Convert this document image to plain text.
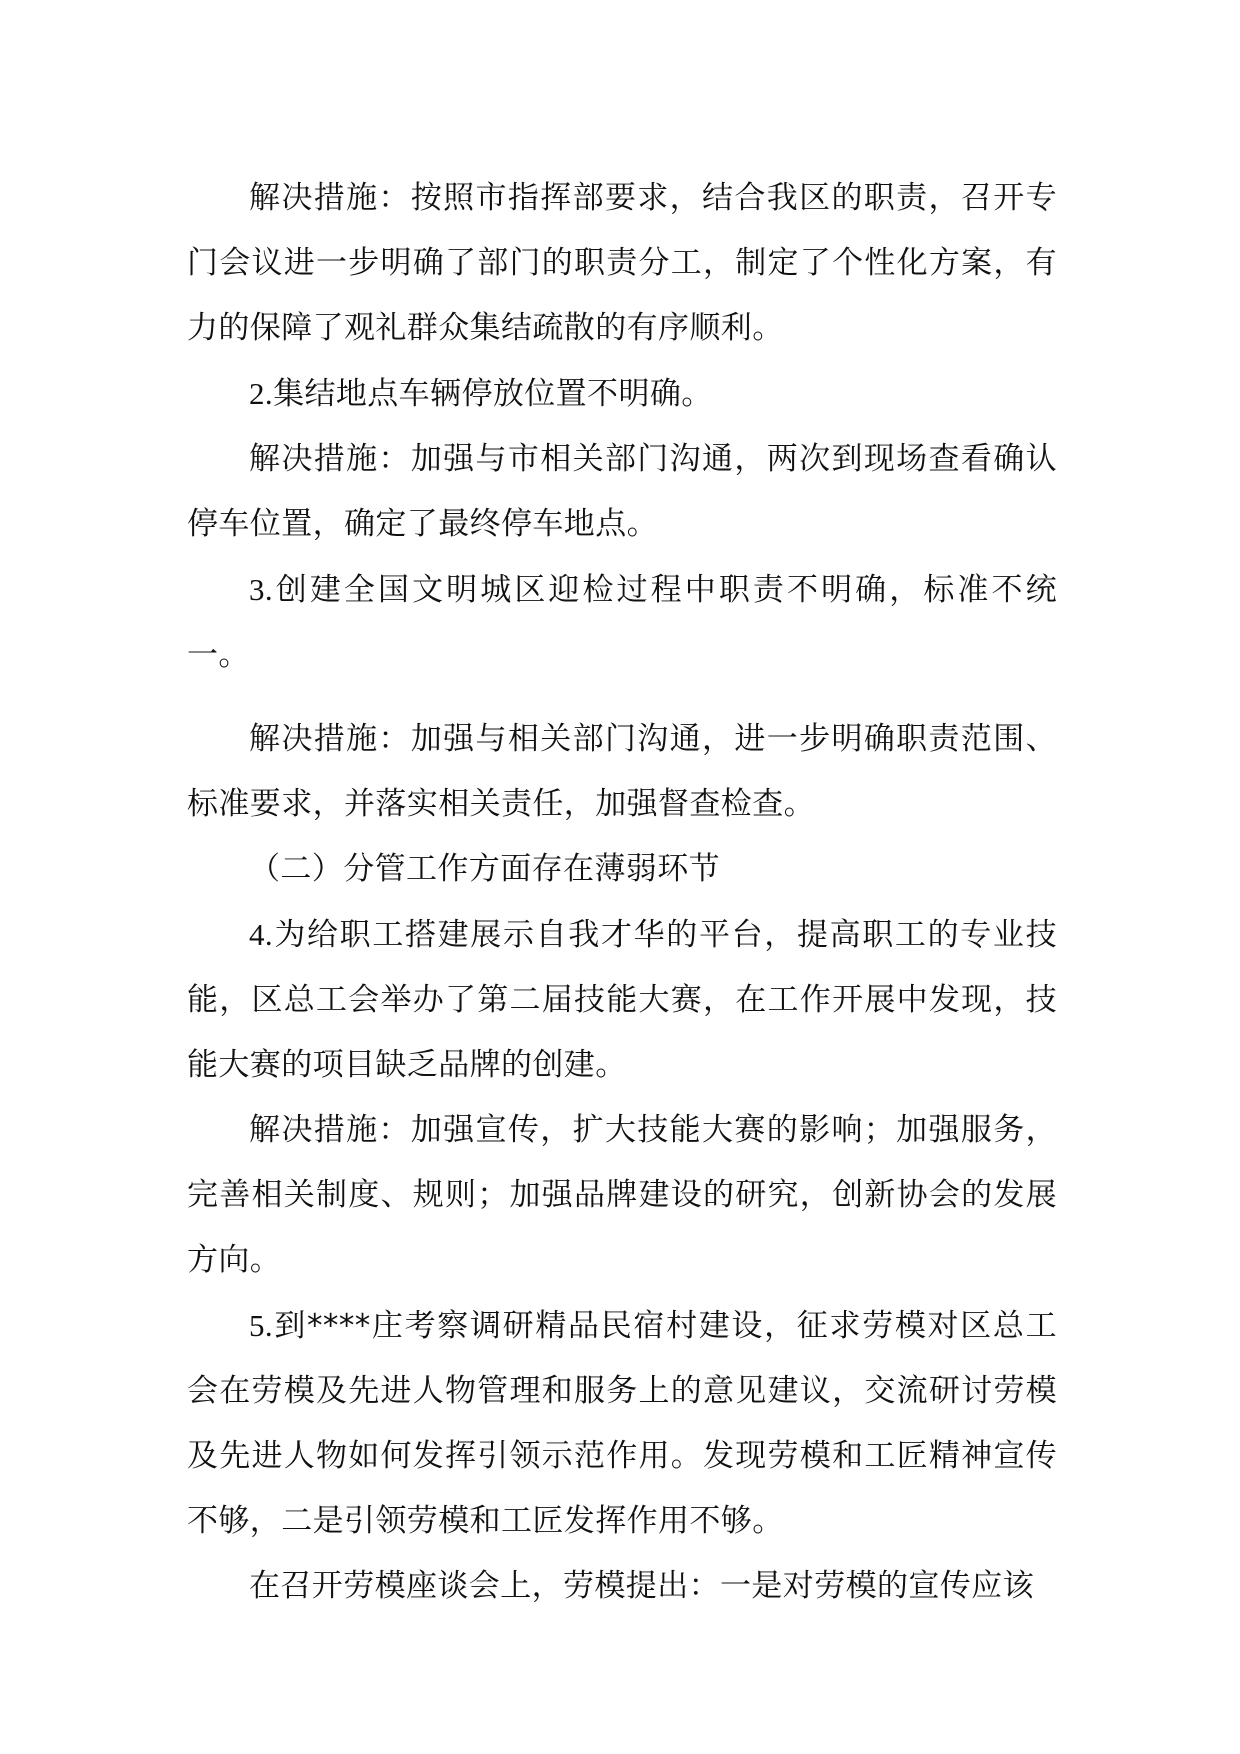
解决措施：按照市指挥部要求，结合我区的职责，召开专门会议进一步明确了部门的职责分工，制定了个性化方案，有力的保障了观礼群众集结疏散的有序顺利。

2.集结地点车辆停放位置不明确。

解决措施：加强与市相关部门沟通，两次到现场查看确认停车位置，确定了最终停车地点。

3.创建全国文明城区迎检过程中职责不明确，标准不统一。

解决措施：加强与相关部门沟通，进一步明确职责范围、标准要求，并落实相关责任，加强督查检查。

（二）分管工作方面存在薄弱环节

4.为给职工搭建展示自我才华的平台，提高职工的专业技能，区总工会举办了第二届技能大赛，在工作开展中发现，技能大赛的项目缺乏品牌的创建。

解决措施：加强宣传，扩大技能大赛的影响；加强服务，完善相关制度、规则；加强品牌建设的研究，创新协会的发展方向。

5.到****庄考察调研精品民宿村建设，征求劳模对区总工会在劳模及先进人物管理和服务上的意见建议，交流研讨劳模及先进人物如何发挥引领示范作用。发现劳模和工匠精神宣传不够，二是引领劳模和工匠发挥作用不够。

在召开劳模座谈会上，劳模提出：一是对劳模的宣传应该
